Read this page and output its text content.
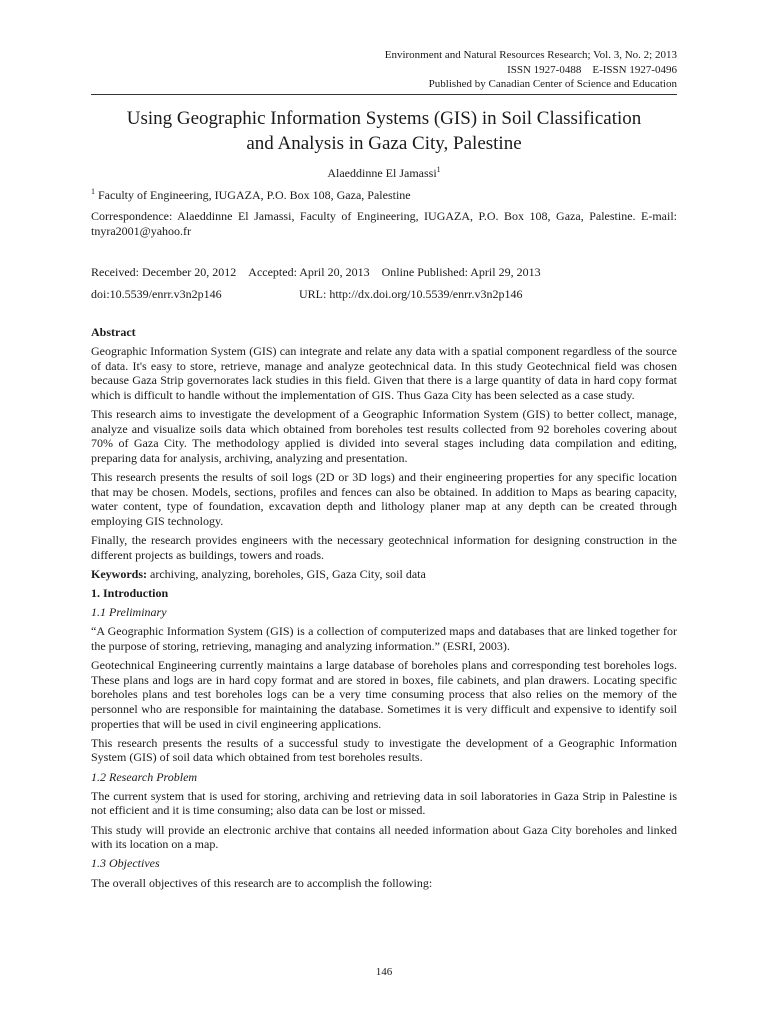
Environment and Natural Resources Research; Vol. 3, No. 2; 2013
ISSN 1927-0488    E-ISSN 1927-0496
Published by Canadian Center of Science and Education
Using Geographic Information Systems (GIS) in Soil Classification
and Analysis in Gaza City, Palestine
Alaeddinne El Jamassi$^1$
$^1$ Faculty of Engineering, IUGAZA, P.O. Box 108, Gaza, Palestine
Correspondence: Alaeddinne El Jamassi, Faculty of Engineering, IUGAZA, P.O. Box 108, Gaza, Palestine. E-mail: tnyra2001@yahoo.fr
Received: December 20, 2012 Accepted: April 20, 2013 Online Published: April 29, 2013
doi:10.5539/enrr.v3n2p146	URL: http://dx.doi.org/10.5539/enrr.v3n2p146
Abstract

Geographic Information System (GIS) can integrate and relate any data with a spatial component regardless of the source of data. It's easy to store, retrieve, manage and analyze geotechnical data. In this study Geotechnical field was chosen because Gaza Strip governorates lack studies in this field. Given that there is a large quantity of data in hard copy format which is difficult to handle without the implementation of GIS. Thus Gaza City has been selected as a case study.

This research aims to investigate the development of a Geographic Information System (GIS) to better collect, manage, analyze and visualize soils data which obtained from boreholes test results collected from 92 boreholes covering about 70% of Gaza City. The methodology applied is divided into several stages including data compilation and editing, preparing data for analysis, archiving, analyzing and presentation.

This research presents the results of soil logs (2D or 3D logs) and their engineering properties for any specific location that may be chosen. Models, sections, profiles and fences can also be obtained. In addition to Maps as bearing capacity, water content, type of foundation, excavation depth and lithology planer map at any depth can be created through employing GIS technology.

Finally, the research provides engineers with the necessary geotechnical information for designing construction in the different projects as buildings, towers and roads.

Keywords: archiving, analyzing, boreholes, GIS, Gaza City, soil data

1. Introduction
1.1 Preliminary

“A Geographic Information System (GIS) is a collection of computerized maps and databases that are linked together for the purpose of storing, retrieving, managing and analyzing information.” (ESRI, 2003).

Geotechnical Engineering currently maintains a large database of boreholes plans and corresponding test boreholes logs. These plans and logs are in hard copy format and are stored in boxes, file cabinets, and plan drawers. Locating specific boreholes plans and test boreholes logs can be a very time consuming process that also relies on the memory of the personnel who are responsible for maintaining the database. Sometimes it is very difficult and expensive to identify soil properties that will be used in civil engineering applications.

This research presents the results of a successful study to investigate the development of a Geographic Information System (GIS) of soil data which obtained from test boreholes results.

1.2 Research Problem

The current system that is used for storing, archiving and retrieving data in soil laboratories in Gaza Strip in Palestine is not efficient and it is time consuming; also data can be lost or missed.

This study will provide an electronic archive that contains all needed information about Gaza City boreholes and linked with its location on a map.

1.3 Objectives

The overall objectives of this research are to accomplish the following:

146
